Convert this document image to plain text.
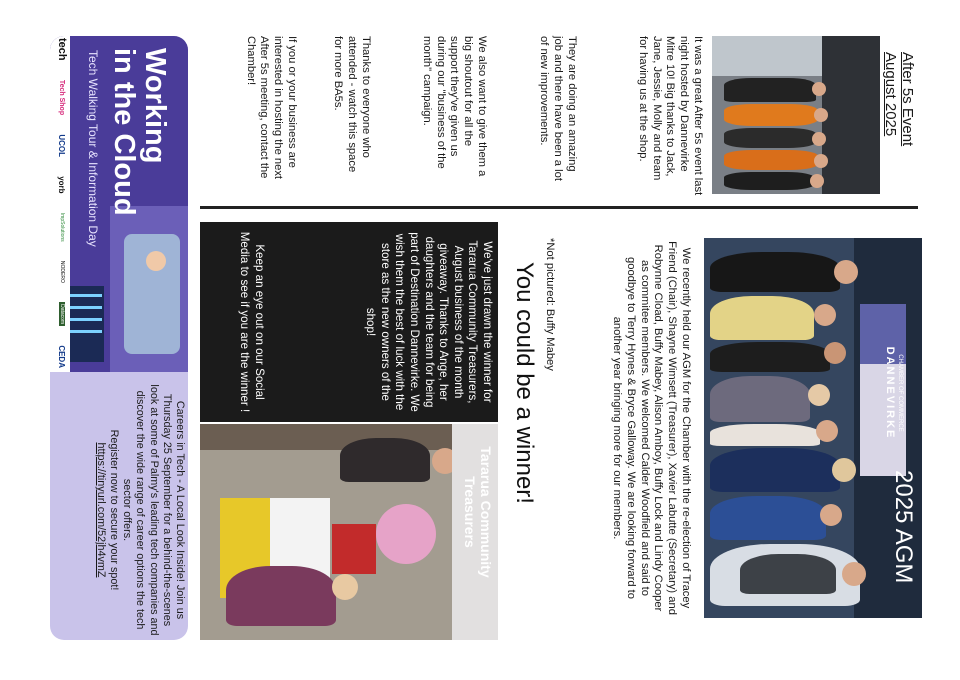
After 5s Event
August 2025
It was a great After 5s event last night hosted by Dannevirke Mitre 10! Big thanks to Jack, Jane, Jessie, Molly and team for having us at the shop.
They are doing an amazing job and there have been a lot of new improvements.
We also want to give them a big shoutout for all the support they've given us during our "business of the month" campaign.
Thanks to everyone who attended - watch this space for more BA5s.
If you or your business are interested in hosting the next After 5s meeting, contact the Chamber!
Working
in the Cloud
Tech Walking Tour & Information Day
tech
Tech Shop
UCOL
yorb
ImpSolutions
NODERO
Datacom
CEDA
Careers in Tech - A Local Look Inside! Join us Thursday 25 September for a behind-the-scenes look at some of Palmy's leading tech companies and discover the wide range of career options the tech sector offers.
Register now to secure your spot!
https://tinyurl.com/52jh4vmZ	2025 AGM
CHAMBER OF COMMERCE
DANNEVIRKE
We recently held our AGM for the Chamber with the re-election of Tracey Friend (Chair), Shayne Wimsett (Treasurer), Xavier Labutte (Secretary) and Robynne Cload, Buffy Mabey, Alison Amboy, Buffy Lock and Lindy Cooper as commitee members. We welcomed Calder Woodfield and said to goodbye to Terry Hynes & Bryce Galloway. We are looking forward to another year bringing more for our members.
*Not pictured: Buffy Mabey
Tararua Community Treasurers
You could be a winner!
We've just drawn the winner for Tararua Community Treasurers, August business of the month giveaway. Thanks to Ange, her daughters and the team for being part of Destination Dannevirke. We wish them the best of luck with the store as the new owners of the shop!
Keep an eye out on our Social Media to see if you are the winner !
